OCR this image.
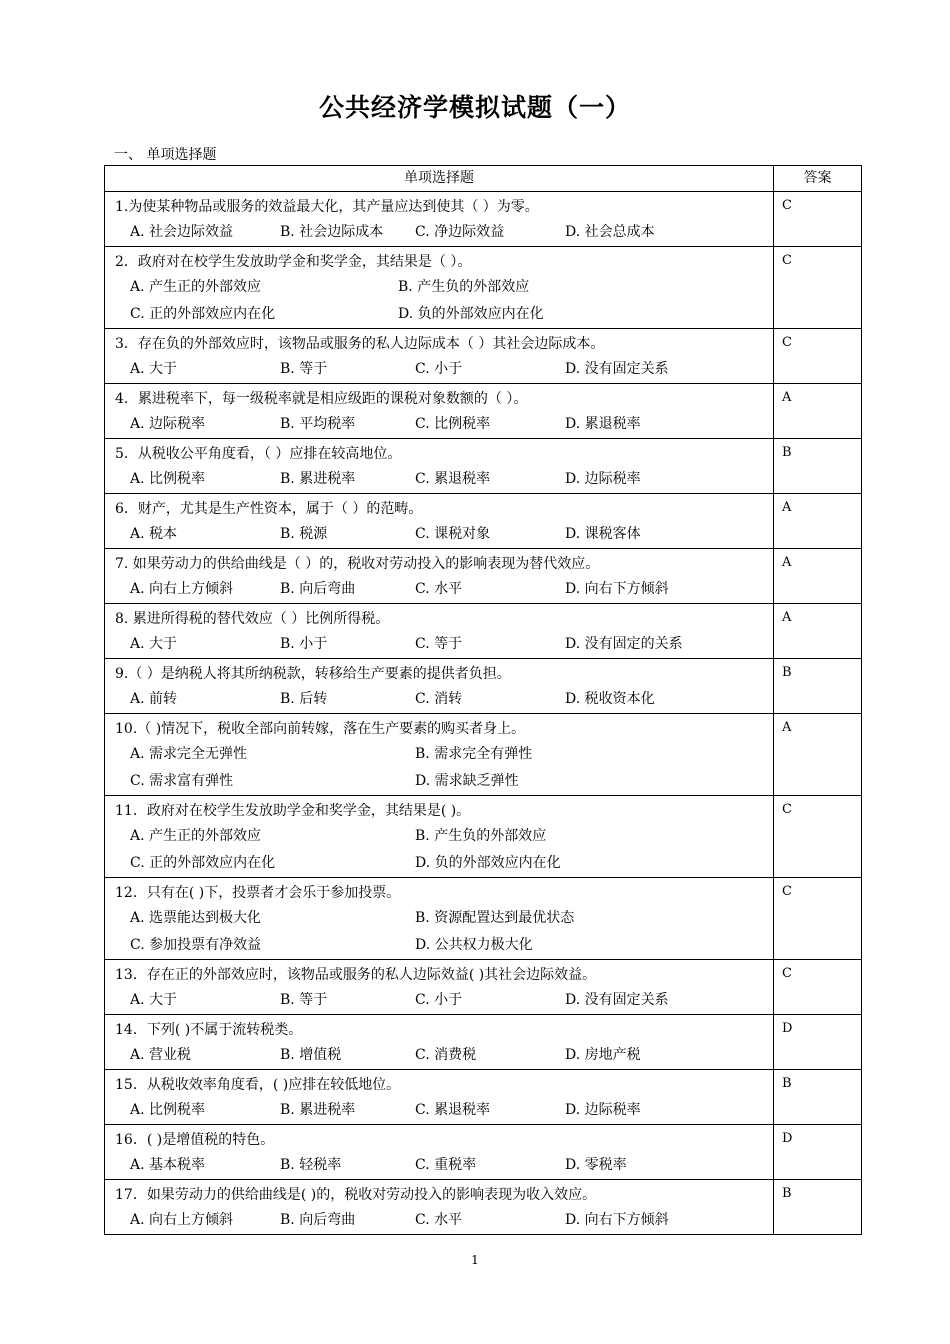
公共经济学模拟试题（一）
一、 单项选择题
单项选择题	答案

1.为使某种物品或服务的效益最大化，其产量应达到使其（ ）为零。
A. 社会边际效益 B. 社会边际成本 C. 净边际效益 D. 社会总成本	C

2．政府对在校学生发放助学金和奖学金，其结果是（ ）。
A. 产生正的外部效应 B. 产生负的外部效应
C. 正的外部效应内在化 D. 负的外部效应内在化	C

3．存在负的外部效应时，该物品或服务的私人边际成本（ ）其社会边际成本。
A. 大于 B. 等于 C. 小于 D. 没有固定关系	C

4．累进税率下，每一级税率就是相应级距的课税对象数额的（ ）。
A. 边际税率 B. 平均税率 C. 比例税率 D. 累退税率	A

5．从税收公平角度看，（ ）应排在较高地位。
A. 比例税率 B. 累进税率 C. 累退税率 D. 边际税率	B

6．财产，尤其是生产性资本，属于（ ）的范畴。
A. 税本 B. 税源 C. 课税对象 D. 课税客体	A

7. 如果劳动力的供给曲线是（ ）的，税收对劳动投入的影响表现为替代效应。
A. 向右上方倾斜 B. 向后弯曲 C. 水平 D. 向右下方倾斜	A

8. 累进所得税的替代效应（ ）比例所得税。
A. 大于 B. 小于 C. 等于 D. 没有固定的关系	A

9.（ ）是纳税人将其所纳税款，转移给生产要素的提供者负担。
A. 前转 B. 后转 C. 消转 D. 税收资本化	B

10.（ )情况下，税收全部向前转嫁，落在生产要素的购买者身上。
A. 需求完全无弹性 B. 需求完全有弹性
C. 需求富有弹性 D. 需求缺乏弹性	A

11．政府对在校学生发放助学金和奖学金，其结果是( )。
A. 产生正的外部效应 B. 产生负的外部效应
C. 正的外部效应内在化 D. 负的外部效应内在化	C

12．只有在( )下，投票者才会乐于参加投票。
A. 选票能达到极大化 B. 资源配置达到最优状态
C. 参加投票有净效益 D. 公共权力极大化	C

13．存在正的外部效应时，该物品或服务的私人边际效益( )其社会边际效益。
A. 大于 B. 等于 C. 小于 D. 没有固定关系	C

14．下列( )不属于流转税类。
A. 营业税 B. 增值税 C. 消费税 D. 房地产税	D

15．从税收效率角度看，( )应排在较低地位。
A. 比例税率 B. 累进税率 C. 累退税率 D. 边际税率	B

16．( )是增值税的特色。
A. 基本税率 B. 轻税率 C. 重税率 D. 零税率	D

17．如果劳动力的供给曲线是( )的，税收对劳动投入的影响表现为收入效应。
A. 向右上方倾斜 B. 向后弯曲 C. 水平 D. 向右下方倾斜	B
1
